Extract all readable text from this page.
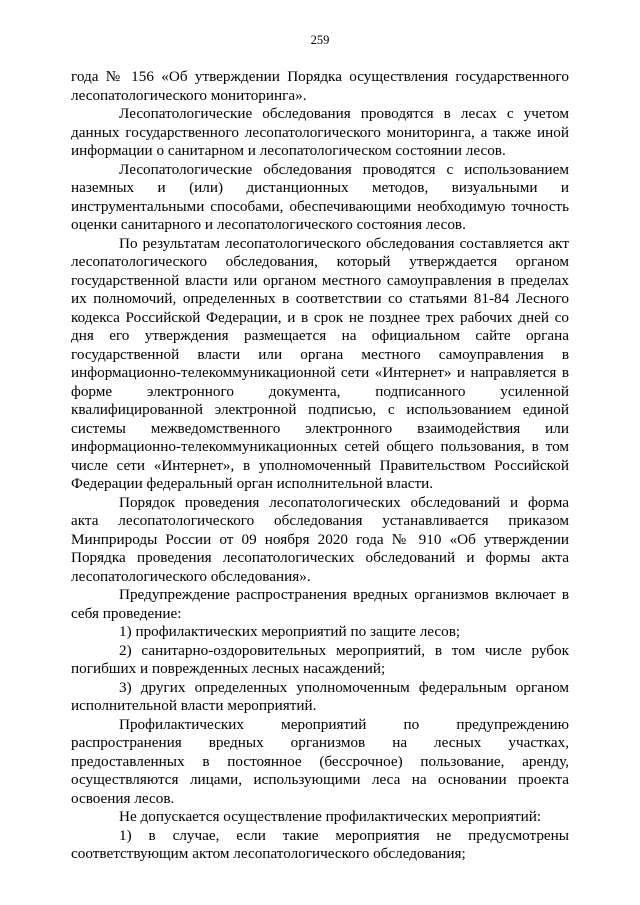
259

года № 156 «Об утверждении Порядка осуществления государственного лесопатологического мониторинга».

Лесопатологические обследования проводятся в лесах с учетом данных государственного лесопатологического мониторинга, а также иной информации о санитарном и лесопатологическом состоянии лесов.

Лесопатологические обследования проводятся с использованием наземных и (или) дистанционных методов, визуальными и инструментальными способами, обеспечивающими необходимую точность оценки санитарного и лесопатологического состояния лесов.

По результатам лесопатологического обследования составляется акт лесопатологического обследования, который утверждается органом государственной власти или органом местного самоуправления в пределах их полномочий, определенных в соответствии со статьями 81-84 Лесного кодекса Российской Федерации, и в срок не позднее трех рабочих дней со дня его утверждения размещается на официальном сайте органа государственной власти или органа местного самоуправления в информационно-телекоммуникационной сети «Интернет» и направляется в форме электронного документа, подписанного усиленной квалифицированной электронной подписью, с использованием единой системы межведомственного электронного взаимодействия или информационно-телекоммуникационных сетей общего пользования, в том числе сети «Интернет», в уполномоченный Правительством Российской Федерации федеральный орган исполнительной власти.

Порядок проведения лесопатологических обследований и форма акта лесопатологического обследования устанавливается приказом Минприроды России от 09 ноября 2020 года № 910 «Об утверждении Порядка проведения лесопатологических обследований и формы акта лесопатологического обследования».

Предупреждение распространения вредных организмов включает в себя проведение:

1) профилактических мероприятий по защите лесов;

2) санитарно-оздоровительных мероприятий, в том числе рубок погибших и поврежденных лесных насаждений;

3) других определенных уполномоченным федеральным органом исполнительной власти мероприятий.

Профилактических мероприятий по предупреждению распространения вредных организмов на лесных участках, предоставленных в постоянное (бессрочное) пользование, аренду, осуществляются лицами, использующими леса на основании проекта освоения лесов.

Не допускается осуществление профилактических мероприятий:

1) в случае, если такие мероприятия не предусмотрены соответствующим актом лесопатологического обследования;
